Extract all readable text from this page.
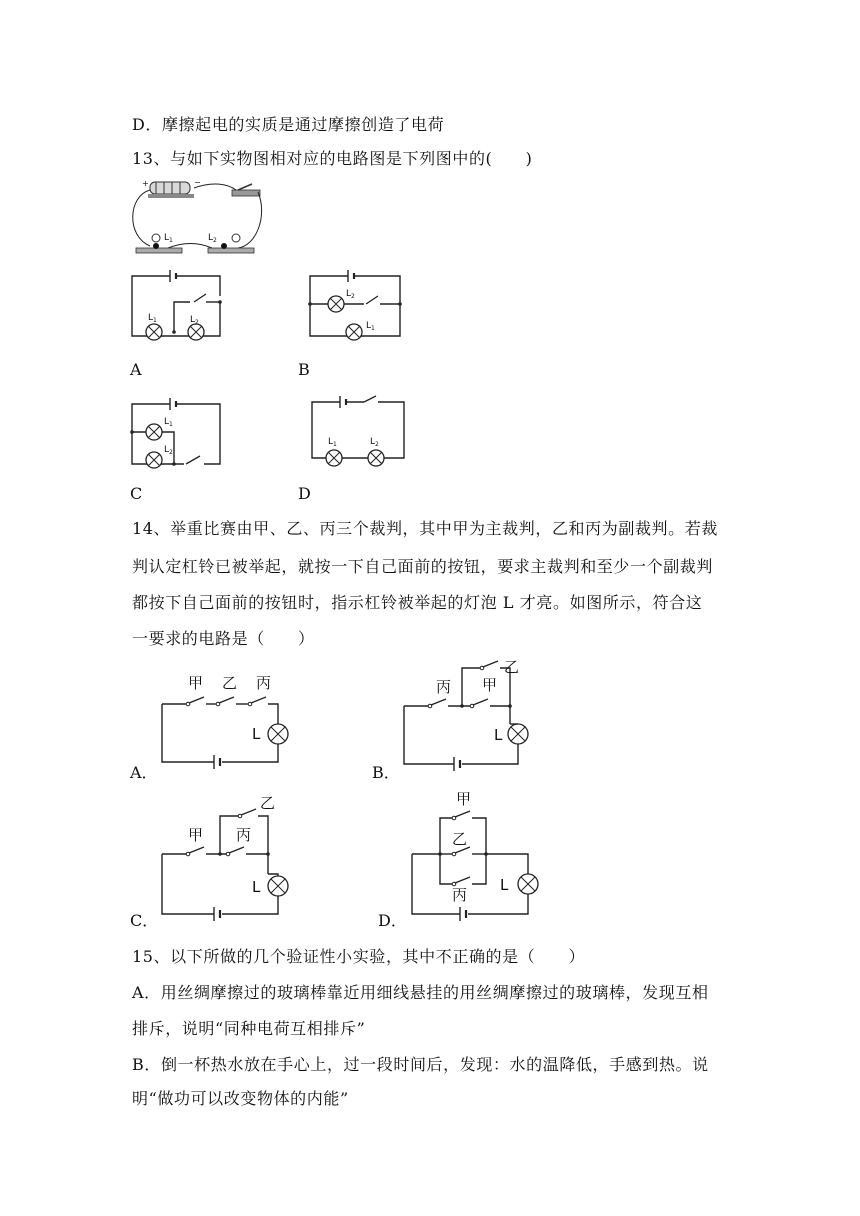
D．摩擦起电的实质是通过摩擦创造了电荷
13、与如下实物图相对应的电路图是下列图中的(　　)
+	−
$L_1$	$L_2$
$L_1$	$L_2$
A
$L_2$
$L_1$
B
$L_1$
$L_2$
C
$L_1$	$L_2$
D
14、举重比赛由甲、乙、丙三个裁判，其中甲为主裁判，乙和丙为副裁判。若裁
判认定杠铃已被举起，就按一下自己面前的按钮，要求主裁判和至少一个副裁判
都按下自己面前的按钮时，指示杠铃被举起的灯泡 L 才亮。如图所示，符合这
一要求的电路是（　　）
甲 乙 丙
L
A．
乙
丙 甲
L
B．
甲
乙
丙
L
C．
甲
乙
丙
L
D．
15、以下所做的几个验证性小实验，其中不正确的是（　　）
A．用丝绸摩擦过的玻璃棒靠近用细线悬挂的用丝绸摩擦过的玻璃棒，发现互相
排斥，说明“同种电荷互相排斥”
B．倒一杯热水放在手心上，过一段时间后，发现：水的温降低，手感到热。说
明“做功可以改变物体的内能”
